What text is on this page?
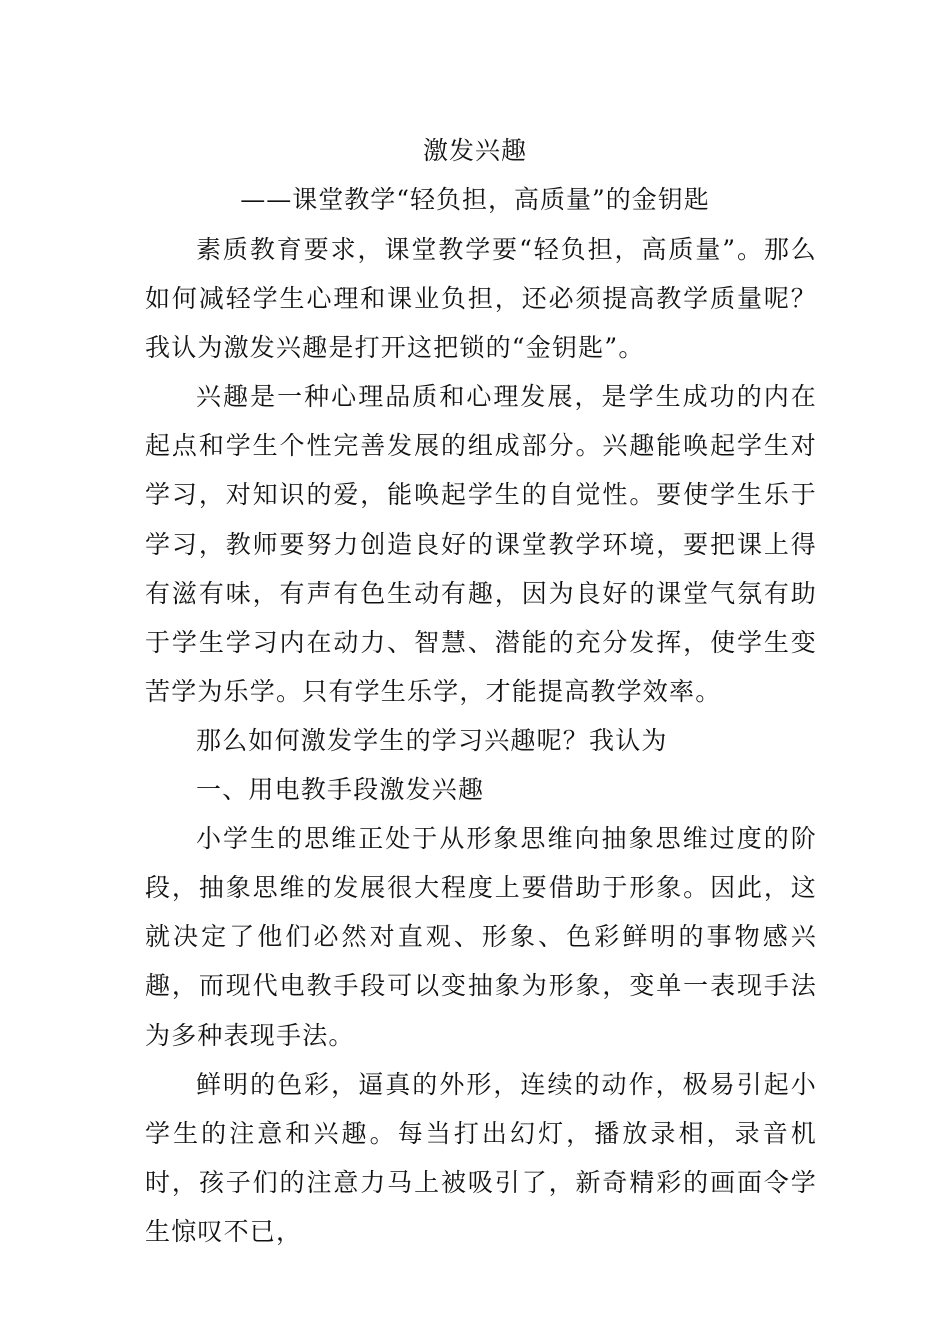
激发兴趣
——课堂教学“轻负担，高质量”的金钥匙

素质教育要求，课堂教学要“轻负担，高质量”。那么如何减轻学生心理和课业负担，还必须提高教学质量呢？我认为激发兴趣是打开这把锁的“金钥匙”。

兴趣是一种心理品质和心理发展，是学生成功的内在起点和学生个性完善发展的组成部分。兴趣能唤起学生对学习，对知识的爱，能唤起学生的自觉性。要使学生乐于学习，教师要努力创造良好的课堂教学环境，要把课上得有滋有味，有声有色生动有趣，因为良好的课堂气氛有助于学生学习内在动力、智慧、潜能的充分发挥，使学生变苦学为乐学。只有学生乐学，才能提高教学效率。

那么如何激发学生的学习兴趣呢？我认为

一、用电教手段激发兴趣

小学生的思维正处于从形象思维向抽象思维过度的阶段，抽象思维的发展很大程度上要借助于形象。因此，这就决定了他们必然对直观、形象、色彩鲜明的事物感兴趣，而现代电教手段可以变抽象为形象，变单一表现手法为多种表现手法。

鲜明的色彩，逼真的外形，连续的动作，极易引起小学生的注意和兴趣。每当打出幻灯，播放录相，录音机时，孩子们的注意力马上被吸引了，新奇精彩的画面令学生惊叹不已，
